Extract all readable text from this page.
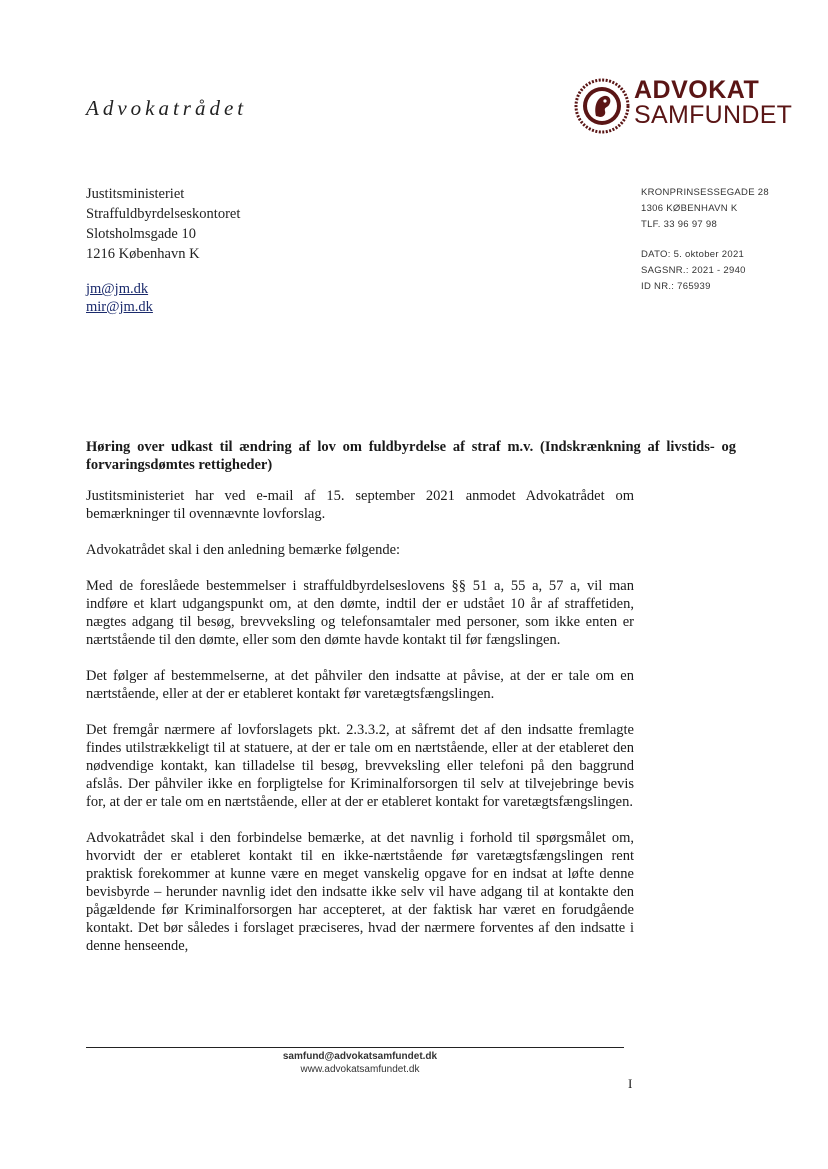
Advokatrådet
ADVOKAT
SAMFUNDET
Justitsministeriet
Straffuldbyrdelseskontoret
Slotsholmsgade 10
1216 København K
jm@jm.dk
mir@jm.dk
KRONPRINSESSEGADE 28
1306 KØBENHAVN K
TLF. 33 96 97 98
DATO: 5. oktober 2021
SAGSNR.: 2021 - 2940
ID NR.: 765939
Høring over udkast til ændring af lov om fuldbyrdelse af straf m.v. (Indskrænkning af livstids- og forvaringsdømtes rettigheder)

Justitsministeriet har ved e-mail af 15. september 2021 anmodet Advokatrådet om bemærkninger til ovennævnte lovforslag.

Advokatrådet skal i den anledning bemærke følgende:

Med de foreslåede bestemmelser i straffuldbyrdelseslovens §§ 51 a, 55 a, 57 a, vil man indføre et klart udgangspunkt om, at den dømte, indtil der er udstået 10 år af straffetiden, nægtes adgang til besøg, brevveksling og telefonsamtaler med personer, som ikke enten er nærtstående til den dømte, eller som den dømte havde kontakt til før fængslingen.

Det følger af bestemmelserne, at det påhviler den indsatte at påvise, at der er tale om en nærtstående, eller at der er etableret kontakt før varetægtsfængslingen.

Det fremgår nærmere af lovforslagets pkt. 2.3.3.2, at såfremt det af den indsatte fremlagte findes utilstrækkeligt til at statuere, at der er tale om en nærtstående, eller at der etableret den nødvendige kontakt, kan tilladelse til besøg, brevveksling eller telefoni på den baggrund afslås. Der påhviler ikke en forpligtelse for Kriminalforsorgen til selv at tilvejebringe bevis for, at der er tale om en nærtstående, eller at der er etableret kontakt for varetægtsfængslingen.

Advokatrådet skal i den forbindelse bemærke, at det navnlig i forhold til spørgsmålet om, hvorvidt der er etableret kontakt til en ikke-nærtstående før varetægtsfængslingen rent praktisk forekommer at kunne være en meget vanskelig opgave for en indsat at løfte denne bevisbyrde – herunder navnlig idet den indsatte ikke selv vil have adgang til at kontakte den pågældende før Kriminalforsorgen har accepteret, at der faktisk har været en forudgående kontakt. Det bør således i forslaget præciseres, hvad der nærmere forventes af den indsatte i denne henseende,

samfund@advokatsamfundet.dk
www.advokatsamfundet.dk
I
